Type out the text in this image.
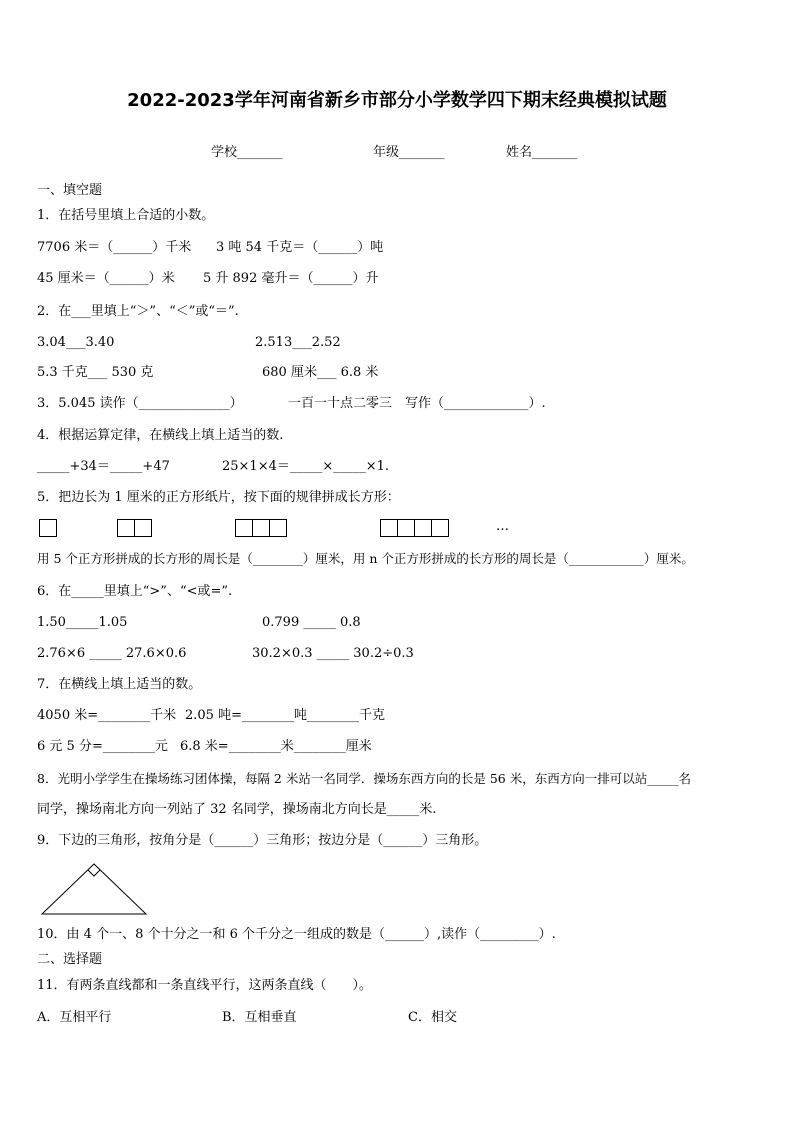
2022-2023学年河南省新乡市部分小学数学四下期末经典模拟试题
学校_______	年级_______	姓名_______
一、填空题
1．在括号里填上合适的小数。
7706 米＝（______）千米 3 吨 54 千克＝（______）吨
45 厘米＝（______）米 5 升 892 毫升＝（______）升
2．在___里填上“＞”、“＜”或“＝”.
3.04___3.40	2.513___2.52
5.3 千克___ 530 克	680 厘米___ 6.8 米
3．5.045 读作（______________）	一百一十点二零三　写作（_____________）.
4．根据运算定律，在横线上填上适当的数.
_____+34＝_____+47	25×1×4＝_____×_____×1.
5．把边长为 1 厘米的正方形纸片，按下面的规律拼成长方形：
…
用 5 个正方形拼成的长方形的周长是（________）厘米，用 n 个正方形拼成的长方形的周长是（____________）厘米。
6．在_____里填上“>”、“<或=”.
1.50_____1.05	0.799 _____ 0.8
2.76×6 _____ 27.6×0.6	30.2×0.3 _____ 30.2÷0.3
7．在横线上填上适当的数。
4050 米=________千米 2.05 吨=________吨________千克
6 元 5 分=________元 6.8 米=________米________厘米
8．光明小学学生在操场练习团体操，每隔 2 米站一名同学．操场东西方向的长是 56 米，东西方向一排可以站_____名
同学，操场南北方向一列站了 32 名同学，操场南北方向长是_____米.
9．下边的三角形，按角分是（______）三角形；按边分是（______）三角形。
10．由 4 个一、8 个十分之一和 6 个千分之一组成的数是（______）,读作（_________）.
二、选择题
11．有两条直线都和一条直线平行，这两条直线（　　）。
A．互相平行	B．互相垂直	C．相交
